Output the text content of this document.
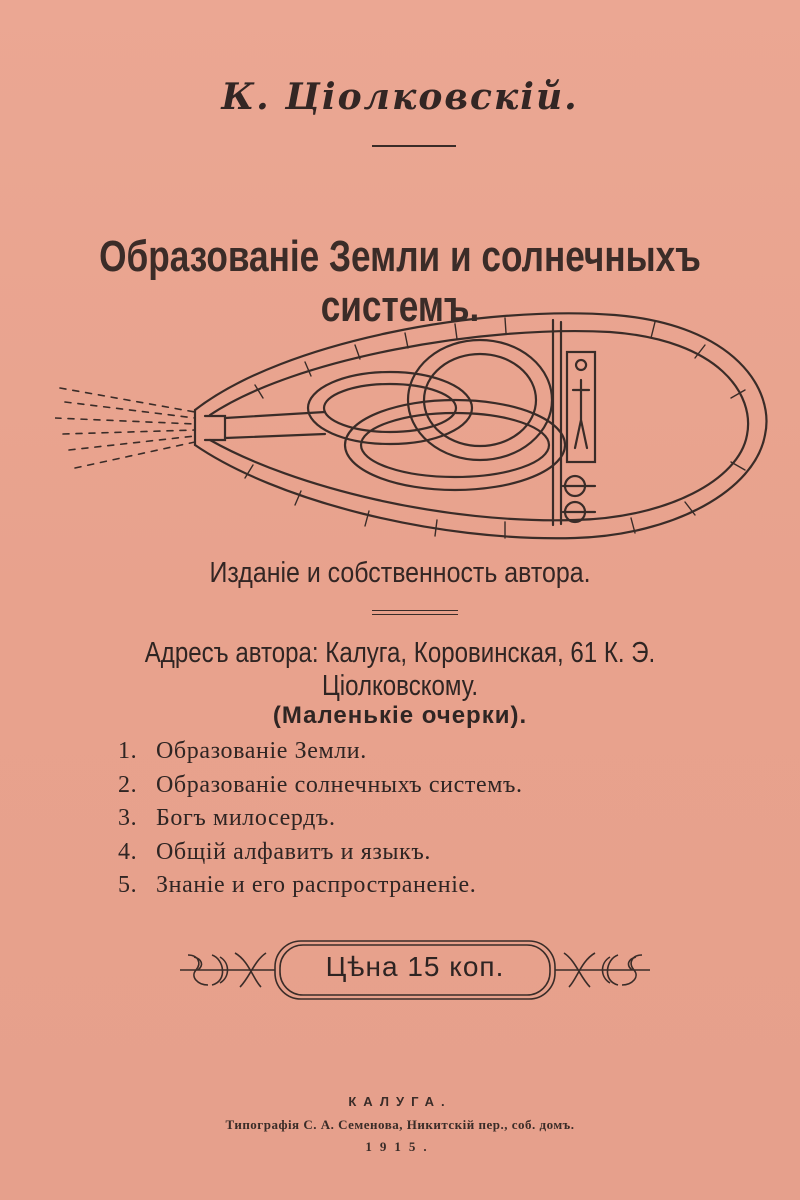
К. Ціолковскій.
Образованіе Земли и солнечныхъ системъ.
Изданіе и собственность автора.
Адресъ автора: Калуга, Коровинская, 61 К. Э. Ціолковскому.
(Маленькіе очерки).
1. Образованіе Земли.
2. Образованіе солнечныхъ системъ.
3. Богъ милосердъ.
4. Общій алфавитъ и языкъ.
5. Знаніе и его распространеніе.
Цѣна 15 коп.
КАЛУГА.
Типографія С. А. Семенова, Никитскій пер., соб. домъ.
1915.
